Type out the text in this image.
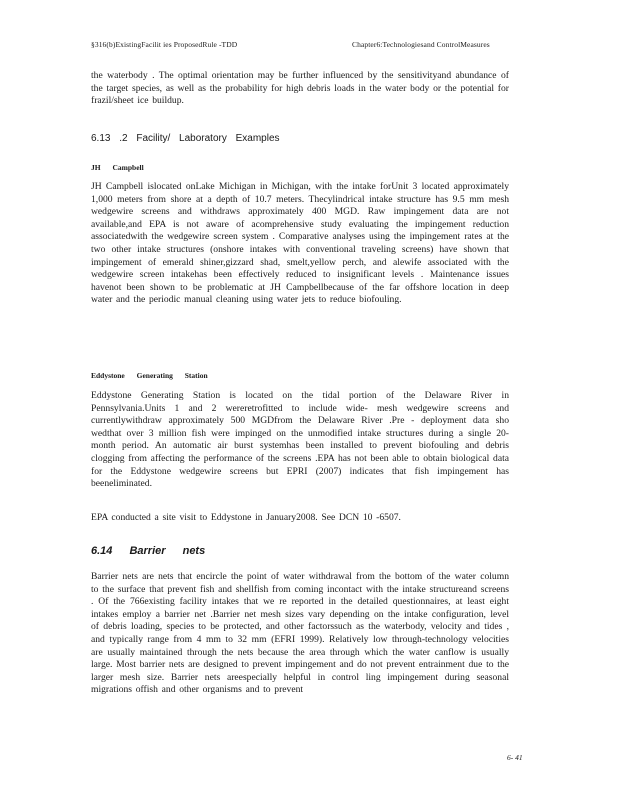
§316(b)ExistingFacilit ies ProposedRule -TDD	Chapter6:Technologiesand ControlMeasures
the waterbody . The optimal orientation may be further influenced by the sensitivityand abundance of the target species, as well as the probability for high debris loads in the water body or the potential for frazil/sheet ice buildup.
6.13 .2 Facility/ Laboratory Examples
JH Campbell
JH Campbell islocated onLake Michigan in Michigan, with the intake forUnit 3 located approximately 1,000 meters from shore at a depth of 10.7 meters. Thecylindrical intake structure has 9.5 mm mesh wedgewire screens and withdraws approximately 400 MGD. Raw impingement data are not available,and EPA is not aware of acomprehensive study evaluating the impingement reduction associatedwith the wedgewire screen system . Comparative analyses using the impingement rates at the two other intake structures (onshore intakes with conventional traveling screens) have shown that impingement of emerald shiner,gizzard shad, smelt,yellow perch, and alewife associated with the wedgewire screen intakehas been effectively reduced to insignificant levels . Maintenance issues havenot been shown to be problematic at JH Campbellbecause of the far offshore location in deep water and the periodic manual cleaning using water jets to reduce biofouling.
Eddystone Generating Station
Eddystone Generating Station is located on the tidal portion of the Delaware River in Pennsylvania.Units 1 and 2 wereretrofitted to include wide- mesh wedgewire screens and currentlywithdraw approximately 500 MGDfrom the Delaware River .Pre - deployment data sho wedthat over 3 million fish were impinged on the unmodified intake structures during a single 20-month period. An automatic air burst systemhas been installed to prevent biofouling and debris clogging from affecting the performance of the screens .EPA has not been able to obtain biological data for the Eddystone wedgewire screens but EPRI (2007) indicates that fish impingement has beeneliminated.
EPA conducted a site visit to Eddystone in January2008. See DCN 10 -6507.
6.14 Barrier nets
Barrier nets are nets that encircle the point of water withdrawal from the bottom of the water column to the surface that prevent fish and shellfish from coming incontact with the intake structureand screens . Of the 766existing facility intakes that we re reported in the detailed questionnaires, at least eight intakes employ a barrier net .Barrier net mesh sizes vary depending on the intake configuration, level of debris loading, species to be protected, and other factorssuch as the waterbody, velocity and tides , and typically range from 4 mm to 32 mm (EFRI 1999). Relatively low through-technology velocities are usually maintained through the nets because the area through which the water canflow is usually large. Most barrier nets are designed to prevent impingement and do not prevent entrainment due to the larger mesh size. Barrier nets areespecially helpful in control ling impingement during seasonal migrations offish and other organisms and to prevent
6- 41
